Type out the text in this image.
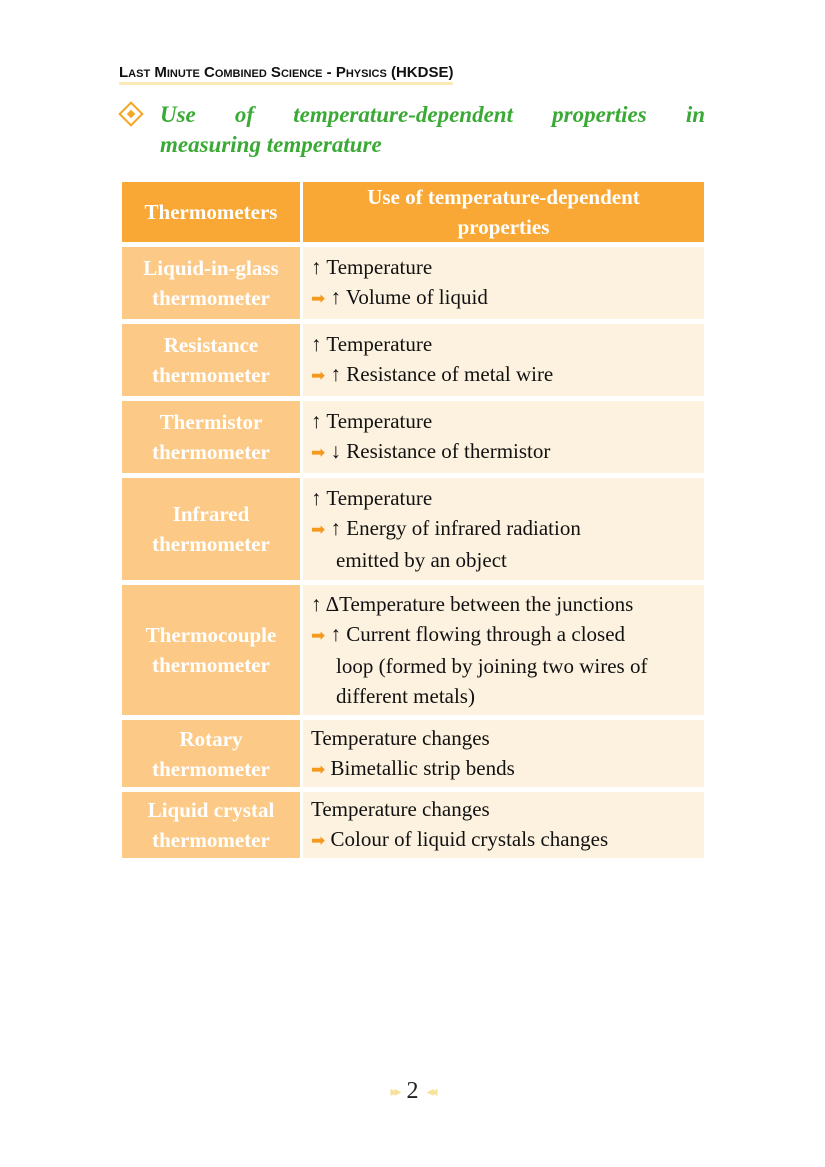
Last Minute Combined Science - Physics (HKDSE)
Use of temperature-dependent properties in
measuring temperature
Thermometers	Use of temperature-dependent properties
Liquid-in-glass thermometer	↑ Temperature
➡ ↑ Volume of liquid

Resistance thermometer	↑ Temperature
➡ ↑ Resistance of metal wire

Thermistor thermometer	↑ Temperature
➡ ↓ Resistance of thermistor

Infrared thermometer	↑ Temperature
➡ ↑ Energy of infrared radiation
emitted by an object

Thermocouple thermometer	↑ ΔTemperature between the junctions
➡ ↑ Current flowing through a closed
loop (formed by joining two wires of different metals)

Rotary thermometer	Temperature changes
➡ Bimetallic strip bends

Liquid crystal thermometer	Temperature changes
➡ Colour of liquid crystals changes
▸▸ 2 ◂◂
